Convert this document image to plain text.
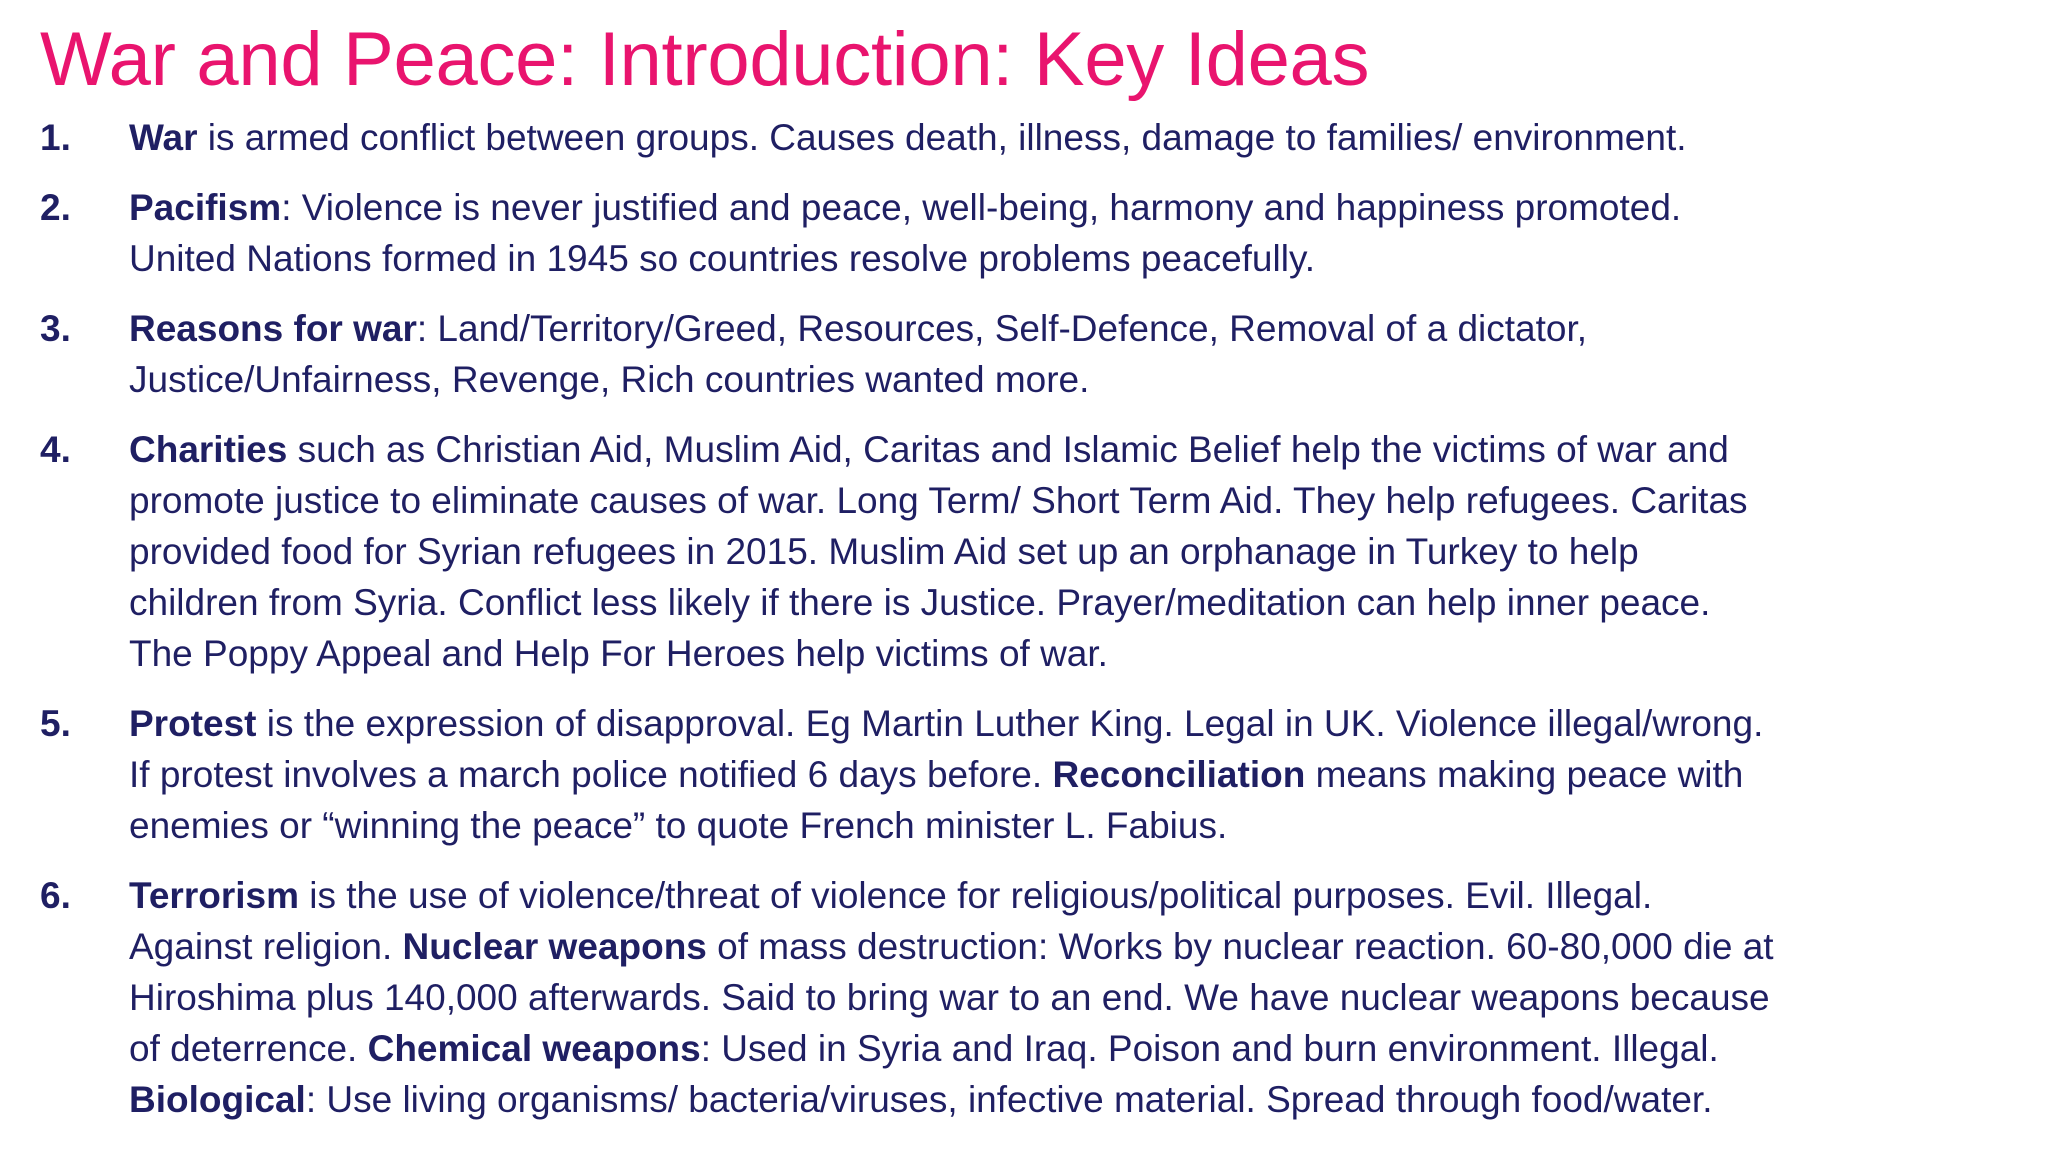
War and Peace: Introduction: Key Ideas
1.	War is armed conflict between groups. Causes death, illness, damage to families/ environment.
2.	Pacifism: Violence is never justified and peace, well-being, harmony and happiness promoted.
United Nations formed in 1945 so countries resolve problems peacefully.
3.	Reasons for war: Land/Territory/Greed, Resources, Self-Defence, Removal of a dictator,
Justice/Unfairness, Revenge, Rich countries wanted more.
4.	Charities such as Christian Aid, Muslim Aid, Caritas and Islamic Belief help the victims of war and
promote justice to eliminate causes of war. Long Term/ Short Term Aid. They help refugees. Caritas
provided food for Syrian refugees in 2015. Muslim Aid set up an orphanage in Turkey to help
children from Syria. Conflict less likely if there is Justice. Prayer/meditation can help inner peace.
The Poppy Appeal and Help For Heroes help victims of war.
5.	Protest is the expression of disapproval. Eg Martin Luther King. Legal in UK. Violence illegal/wrong.
If protest involves a march police notified 6 days before. Reconciliation means making peace with
enemies or “winning the peace” to quote French minister L. Fabius.
6.	Terrorism is the use of violence/threat of violence for religious/political purposes. Evil. Illegal.
Against religion. Nuclear weapons of mass destruction: Works by nuclear reaction. 60-80,000 die at
Hiroshima plus 140,000 afterwards. Said to bring war to an end. We have nuclear weapons because
of deterrence. Chemical weapons: Used in Syria and Iraq. Poison and burn environment. Illegal.
Biological: Use living organisms/ bacteria/viruses, infective material. Spread through food/water.
